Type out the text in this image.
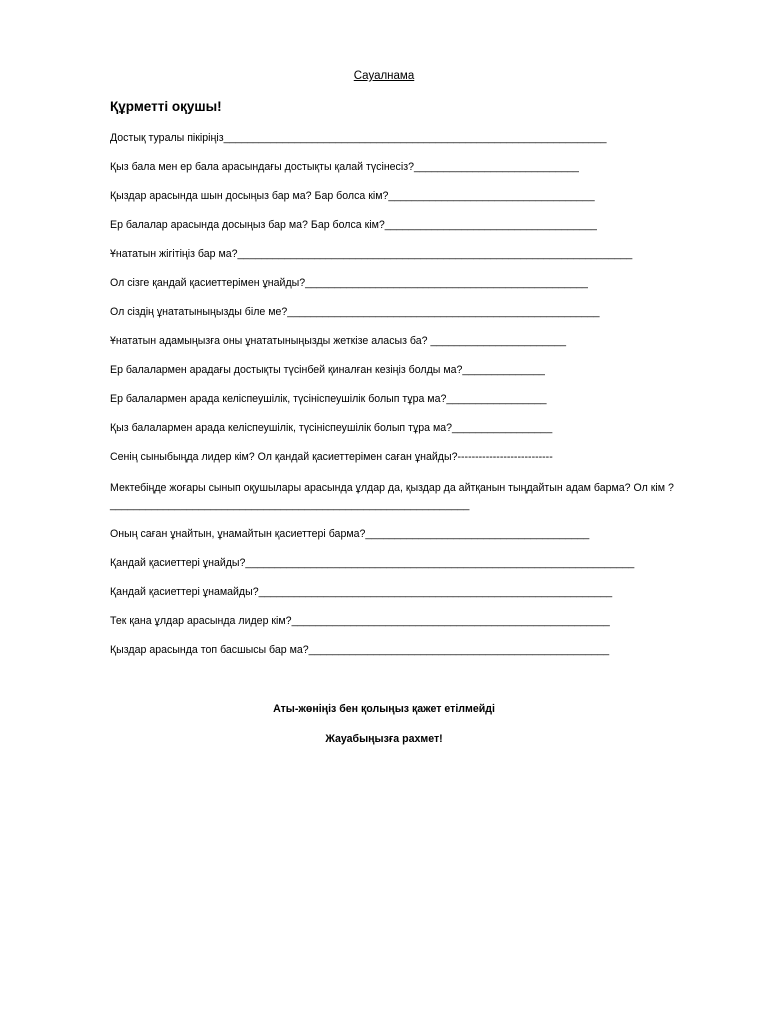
Сауалнама
Құрметті оқушы!
Достық туралы пікіріңіз_________________________________________________________________
Қыз бала мен ер бала арасындағы достықты қалай түсінесіз?____________________________
Қыздар арасында шын досыңыз бар ма? Бар болса кім?___________________________________
Ер балалар арасында досыңыз бар ма? Бар болса кім?____________________________________
Ұнататын жігітіңіз бар ма?___________________________________________________________________
Ол сізге қандай қасиеттерімен ұнайды?________________________________________________
Ол сіздің ұнататыныңызды біле ме?_____________________________________________________
Ұнататын адамыңызға оны ұнататыныңызды жеткізе аласыз ба? _______________________
Ер балалармен арадағы достықты түсінбей қиналған кезіңіз болды ма?______________
Ер балалармен арада келіспеушілік, түсініспеушілік болып тұра ма?_________________
Қыз балалармен арада келіспеушілік, түсініспеушілік болып тұра ма?_________________
Сенің сыныбыңда лидер кім? Ол қандай қасиеттерімен саған ұнайды?---------------------------
Мектебіңде жоғары сынып оқушылары арасында ұлдар да, қыздар да айтқанын тыңдайтын адам барма? Ол кім ?_____________________________________________________________
Оның саған ұнайтын, ұнамайтын қасиеттері барма?______________________________________
Қандай қасиеттері ұнайды?__________________________________________________________________
Қандай қасиеттері ұнамайды?____________________________________________________________
Тек қана ұлдар арасында лидер кім?______________________________________________________
Қыздар арасында топ басшысы бар ма?___________________________________________________
Аты-жөніңіз бен қолыңыз қажет етілмейді
Жауабыңызға рахмет!
